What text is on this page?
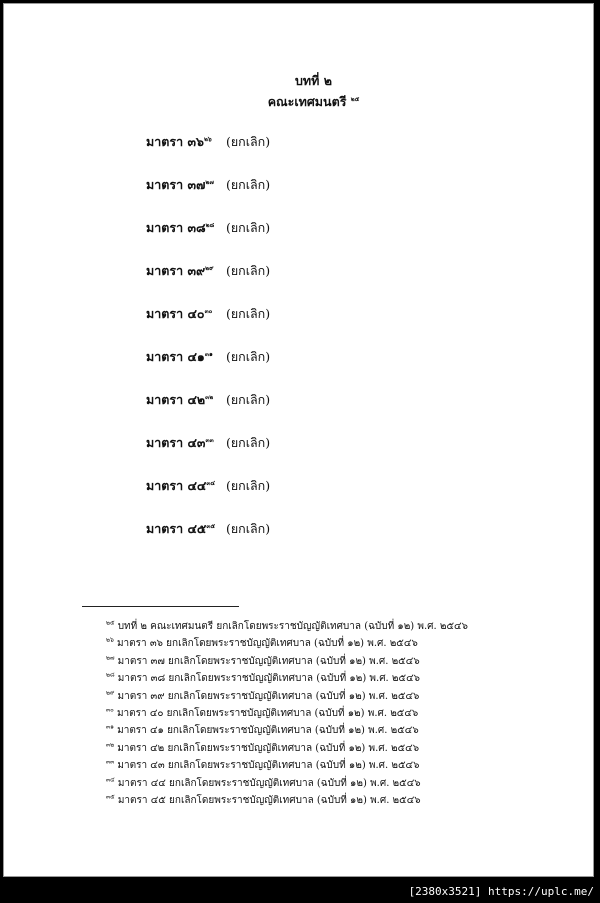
บทที่ ๒
คณะเทศมนตรี $^{๒๕}$
มาตรา ๓๖$^{๒๖}$ (ยกเลิก)
มาตรา ๓๗$^{๒๗}$ (ยกเลิก)
มาตรา ๓๘$^{๒๘}$ (ยกเลิก)
มาตรา ๓๙$^{๒๙}$ (ยกเลิก)
มาตรา ๔๐$^{๓๐}$ (ยกเลิก)
มาตรา ๔๑$^{๓๑}$ (ยกเลิก)
มาตรา ๔๒$^{๓๒}$ (ยกเลิก)
มาตรา ๔๓$^{๓๓}$ (ยกเลิก)
มาตรา ๔๔$^{๓๔}$ (ยกเลิก)
มาตรา ๔๕$^{๓๕}$ (ยกเลิก)
$^{๒๕}$ บทที่ ๒ คณะเทศมนตรี ยกเลิกโดยพระราชบัญญัติเทศบาล (ฉบับที่ ๑๒) พ.ศ. ๒๕๔๖
$^{๒๖}$ มาตรา ๓๖ ยกเลิกโดยพระราชบัญญัติเทศบาล (ฉบับที่ ๑๒) พ.ศ. ๒๕๔๖
$^{๒๗}$ มาตรา ๓๗ ยกเลิกโดยพระราชบัญญัติเทศบาล (ฉบับที่ ๑๒) พ.ศ. ๒๕๔๖
$^{๒๘}$ มาตรา ๓๘ ยกเลิกโดยพระราชบัญญัติเทศบาล (ฉบับที่ ๑๒) พ.ศ. ๒๕๔๖
$^{๒๙}$ มาตรา ๓๙ ยกเลิกโดยพระราชบัญญัติเทศบาล (ฉบับที่ ๑๒) พ.ศ. ๒๕๔๖
$^{๓๐}$ มาตรา ๔๐ ยกเลิกโดยพระราชบัญญัติเทศบาล (ฉบับที่ ๑๒) พ.ศ. ๒๕๔๖
$^{๓๑}$ มาตรา ๔๑ ยกเลิกโดยพระราชบัญญัติเทศบาล (ฉบับที่ ๑๒) พ.ศ. ๒๕๔๖
$^{๓๒}$ มาตรา ๔๒ ยกเลิกโดยพระราชบัญญัติเทศบาล (ฉบับที่ ๑๒) พ.ศ. ๒๕๔๖
$^{๓๓}$ มาตรา ๔๓ ยกเลิกโดยพระราชบัญญัติเทศบาล (ฉบับที่ ๑๒) พ.ศ. ๒๕๔๖
$^{๓๔}$ มาตรา ๔๔ ยกเลิกโดยพระราชบัญญัติเทศบาล (ฉบับที่ ๑๒) พ.ศ. ๒๕๔๖
$^{๓๕}$ มาตรา ๔๕ ยกเลิกโดยพระราชบัญญัติเทศบาล (ฉบับที่ ๑๒) พ.ศ. ๒๕๔๖
[2380x3521] https://uplc.me/
